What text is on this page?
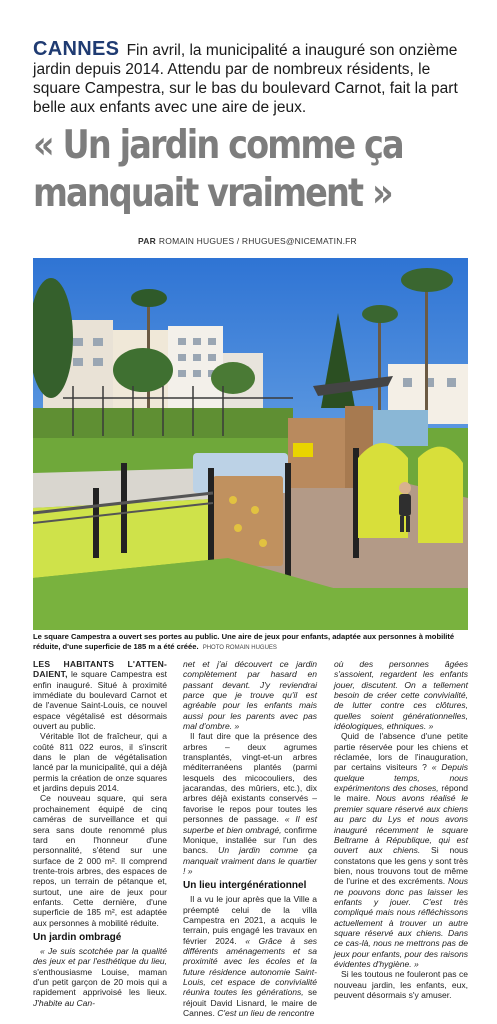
CANNES Fin avril, la municipalité a inauguré son onzième jardin depuis 2014. Attendu par de nombreux résidents, le square Campestra, sur le bas du boulevard Carnot, fait la part belle aux enfants avec une aire de jeux.

« Un jardin comme ça manquait vraiment »
PAR ROMAIN HUGUES / RHUGUES@NICEMATIN.FR

Le square Campestra a ouvert ses portes au public. Une aire de jeux pour enfants, adaptée aux personnes à mobilité réduite, d'une superficie de 185 m a été créée. PHOTO ROMAIN HUGUES

LES HABITANTS L'ATTEN-DAIENT, le square Campestra est enfin inauguré. Situé à proximité immédiate du boulevard Carnot et de l'avenue Saint-Louis, ce nouvel espace végétalisé est désormais ouvert au public.

Véritable îlot de fraîcheur, qui a coûté 811 022 euros, il s'inscrit dans le plan de végétalisation lancé par la municipalité, qui a déjà permis la création de onze squares et jardins depuis 2014.

Ce nouveau square, qui sera prochainement équipé de cinq caméras de surveillance et qui sera sans doute renommé plus tard en l'honneur d'une personnalité, s'étend sur une surface de 2 000 m². Il comprend trente-trois arbres, des espaces de repos, un terrain de pétanque et, surtout, une aire de jeux pour enfants. Cette dernière, d'une superficie de 185 m², est adaptée aux personnes à mobilité réduite.

Un jardin ombragé

« Je suis scotchée par la qualité des jeux et par l'esthétique du lieu, s'enthousiasme Louise, maman d'un petit garçon de 20 mois qui a rapidement apprivoisé les lieux. J'habite au Can-

net et j'ai découvert ce jardin complètement par hasard en passant devant. J'y reviendrai parce que je trouve qu'il est agréable pour les enfants mais aussi pour les parents avec pas mal d'ombre. »

Il faut dire que la présence des arbres – deux agrumes transplantés, vingt-et-un arbres méditerranéens plantés (parmi lesquels des micocouliers, des jacarandas, des mûriers, etc.), dix arbres déjà existants conservés – favorise le repos pour toutes les personnes de passage. « Il est superbe et bien ombragé, confirme Monique, installée sur l'un des bancs. Un jardin comme ça manquait vraiment dans le quartier ! »

Un lieu intergénérationnel

Il a vu le jour après que la Ville a préempté celui de la villa Campestra en 2021, a acquis le terrain, puis engagé les travaux en février 2024. « Grâce à ses différents aménagements et sa proximité avec les écoles et la future résidence autonomie Saint-Louis, cet espace de convivialité réunira toutes les générations, se réjouit David Lisnard, le maire de Cannes. C'est un lieu de rencontre

où des personnes âgées s'assoient, regardent les enfants jouer, discutent. On a tellement besoin de créer cette convivialité, de lutter contre ces clôtures, quelles soient générationnelles, idéologiques, ethniques. »

Quid de l'absence d'une petite partie réservée pour les chiens et réclamée, lors de l'inauguration, par certains visiteurs ? « Depuis quelque temps, nous expérimentons des choses, répond le maire. Nous avons réalisé le premier square réservé aux chiens au parc du Lys et nous avons inauguré récemment le square Beltrame à République, qui est ouvert aux chiens. Si nous constatons que les gens y sont très bien, nous trouvons tout de même de l'urine et des excréments. Nous ne pouvons donc pas laisser les enfants y jouer. C'est très compliqué mais nous réfléchissons actuellement à trouver un autre square réservé aux chiens. Dans ce cas-là, nous ne mettrons pas de jeux pour enfants, pour des raisons évidentes d'hygiène. »

Si les toutous ne fouleront pas ce nouveau jardin, les enfants, eux, peuvent désormais s'y amuser.
